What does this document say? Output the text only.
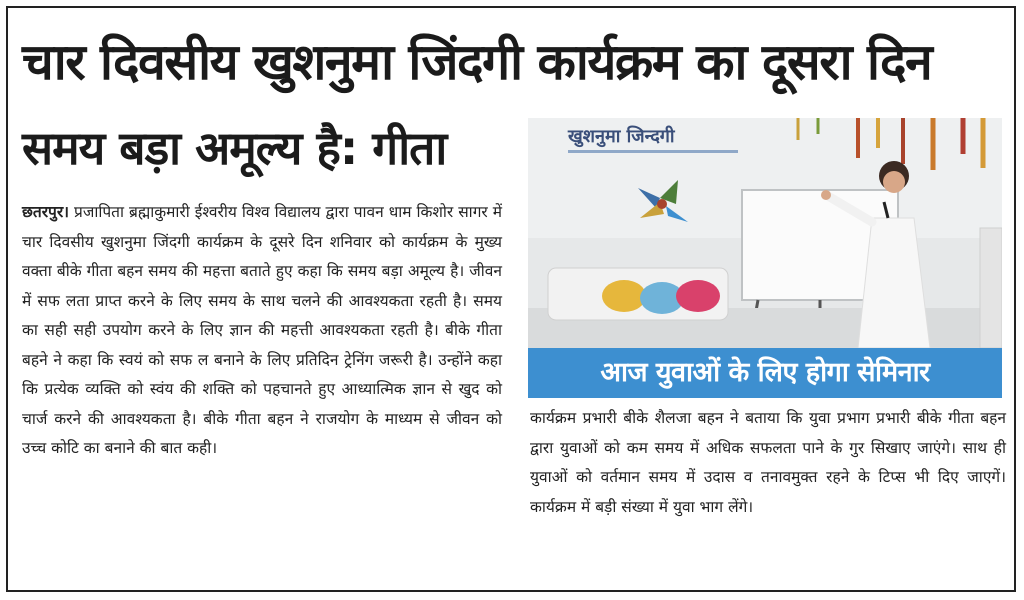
चार दिवसीय खुशनुमा जिंदगी कार्यक्रम का दूसरा दिन
समय बड़ा अमूल्य है: गीता

छतरपुर। प्रजापिता ब्रह्माकुमारी ईश्वरीय विश्व विद्यालय द्वारा पावन धाम किशोर सागर में चार दिवसीय खुशनुमा जिंदगी कार्यक्रम के दूसरे दिन शनिवार को कार्यक्रम के मुख्य वक्ता बीके गीता बहन समय की महत्ता बताते हुए कहा कि समय बड़ा अमूल्य है। जीवन में सफ लता प्राप्त करने के लिए समय के साथ चलने की आवश्यकता रहती है। समय का सही सही उपयोग करने के लिए ज्ञान की महत्ती आवश्यकता रहती है। बीके गीता बहने ने कहा कि स्वयं को सफ ल बनाने के लिए प्रतिदिन ट्रेनिंग जरूरी है। उन्होंने कहा कि प्रत्येक व्यक्ति को स्वंय की शक्ति को पहचानते हुए आध्यात्मिक ज्ञान से खुद को चार्ज करने की आवश्यकता है। बीके गीता बहन ने राजयोग के माध्यम से जीवन को उच्च कोटि का बनाने की बात कही।

खुशनुमा जिन्दगी
आज युवाओं के लिए होगा सेमिनार

कार्यक्रम प्रभारी बीके शैलजा बहन ने बताया कि युवा प्रभाग प्रभारी बीके गीता बहन द्वारा युवाओं को कम समय में अधिक सफलता पाने के गुर सिखाए जाएंगे। साथ ही युवाओं को वर्तमान समय में उदास व तनावमुक्त रहने के टिप्स भी दिए जाएगें। कार्यक्रम में बड़ी संख्या में युवा भाग लेंगे।
